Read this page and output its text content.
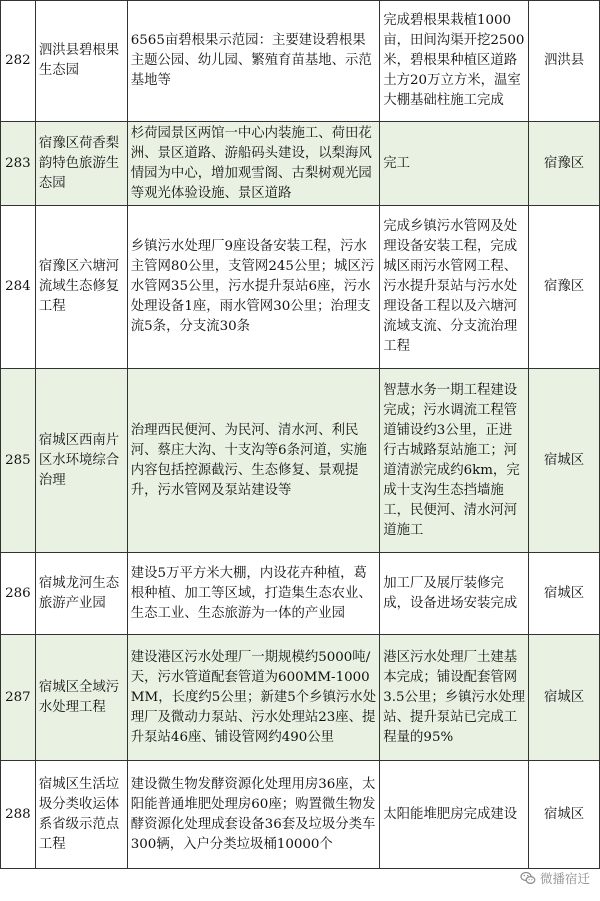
282	泗洪县碧根果生态园	6565亩碧根果示范园：主要建设碧根果主题公园、幼儿园、繁殖育苗基地、示范基地等	完成碧根果栽植1000亩，田间沟渠开挖2500米，碧根果种植区道路土方20万立方米，温室大棚基础柱施工完成	泗洪县
283	宿豫区荷香梨韵特色旅游生态园	杉荷园景区两馆一中心内装施工、荷田花洲、景区道路、游船码头建设，以梨海风情园为中心，增加观雪阁、古梨树观光园等观光体验设施、景区道路	完工	宿豫区
284	宿豫区六塘河流域生态修复工程	乡镇污水处理厂9座设备安装工程，污水主管网80公里，支管网245公里；城区污水管网35公里，污水提升泵站6座，污水处理设备1座，雨水管网30公里；治理支流5条，分支流30条	完成乡镇污水管网及处理设备安装工程，完成城区雨污水管网工程、污水提升泵站与污水处理设备工程以及六塘河流域支流、分支流治理工程	宿豫区
285	宿城区西南片区水环境综合治理	治理西民便河、为民河、清水河、利民河、蔡庄大沟、十支沟等6条河道，实施内容包括控源截污、生态修复、景观提升，污水管网及泵站建设等	智慧水务一期工程建设完成；污水调流工程管道铺设约3公里，正进行古城路泵站施工；河道清淤完成约6km，完成十支沟生态挡墙施工，民便河、清水河河道施工	宿城区
286	宿城龙河生态旅游产业园	建设5万平方米大棚，内设花卉种植，葛根种植、加工等区域，打造集生态农业、生态工业、生态旅游为一体的产业园	加工厂及展厅装修完成，设备进场安装完成	宿城区
287	宿城区全域污水处理工程	建设港区污水处理厂一期规模约5000吨/天，污水管道配套管道为600MM-1000MM，长度约5公里；新建5个乡镇污水处理厂及微动力泵站、污水处理站23座、提升泵站46座、铺设管网约490公里	港区污水处理厂土建基本完成；铺设配套管网3.5公里；乡镇污水处理站、提升泵站已完成工程量的95%	宿城区
288	宿城区生活垃圾分类收运体系省级示范点工程	建设微生物发酵资源化处理用房36座，太阳能普通堆肥处理房60座；购置微生物发酵资源化处理成套设备36套及垃圾分类车300辆，入户分类垃圾桶10000个	太阳能堆肥房完成建设	宿城区
微播宿迁
